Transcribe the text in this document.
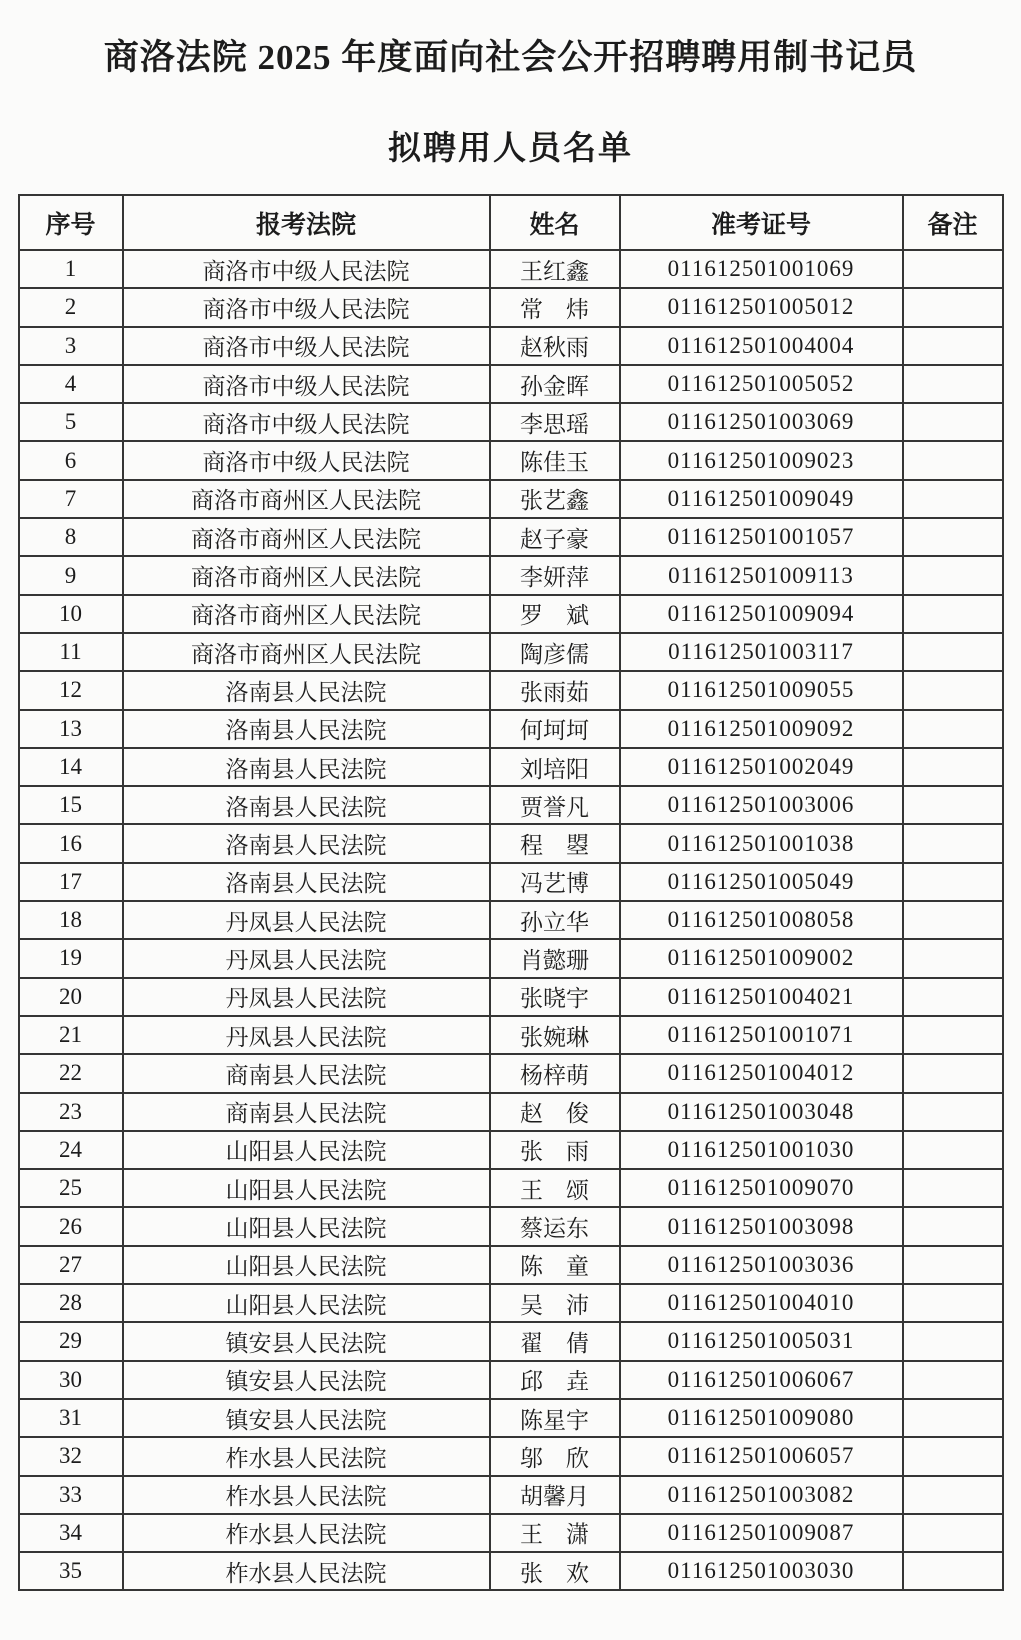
商洛法院 2025 年度面向社会公开招聘聘用制书记员
拟聘用人员名单
序号	报考法院	姓名	准考证号	备注
1	商洛市中级人民法院	王红鑫	011612501001069	
2	商洛市中级人民法院	常　炜	011612501005012	
3	商洛市中级人民法院	赵秋雨	011612501004004	
4	商洛市中级人民法院	孙金晖	011612501005052	
5	商洛市中级人民法院	李思瑶	011612501003069	
6	商洛市中级人民法院	陈佳玉	011612501009023	
7	商洛市商州区人民法院	张艺鑫	011612501009049	
8	商洛市商州区人民法院	赵子豪	011612501001057	
9	商洛市商州区人民法院	李妍萍	011612501009113	
10	商洛市商州区人民法院	罗　斌	011612501009094	
11	商洛市商州区人民法院	陶彦儒	011612501003117	
12	洛南县人民法院	张雨茹	011612501009055	
13	洛南县人民法院	何坷坷	011612501009092	
14	洛南县人民法院	刘培阳	011612501002049	
15	洛南县人民法院	贾誉凡	011612501003006	
16	洛南县人民法院	程　曌	011612501001038	
17	洛南县人民法院	冯艺博	011612501005049	
18	丹凤县人民法院	孙立华	011612501008058	
19	丹凤县人民法院	肖懿珊	011612501009002	
20	丹凤县人民法院	张晓宇	011612501004021	
21	丹凤县人民法院	张婉琳	011612501001071	
22	商南县人民法院	杨梓萌	011612501004012	
23	商南县人民法院	赵　俊	011612501003048	
24	山阳县人民法院	张　雨	011612501001030	
25	山阳县人民法院	王　颂	011612501009070	
26	山阳县人民法院	蔡运东	011612501003098	
27	山阳县人民法院	陈　童	011612501003036	
28	山阳县人民法院	吴　沛	011612501004010	
29	镇安县人民法院	翟　倩	011612501005031	
30	镇安县人民法院	邱　垚	011612501006067	
31	镇安县人民法院	陈星宇	011612501009080	
32	柞水县人民法院	邬　欣	011612501006057	
33	柞水县人民法院	胡馨月	011612501003082	
34	柞水县人民法院	王　潇	011612501009087	
35	柞水县人民法院	张　欢	011612501003030	
